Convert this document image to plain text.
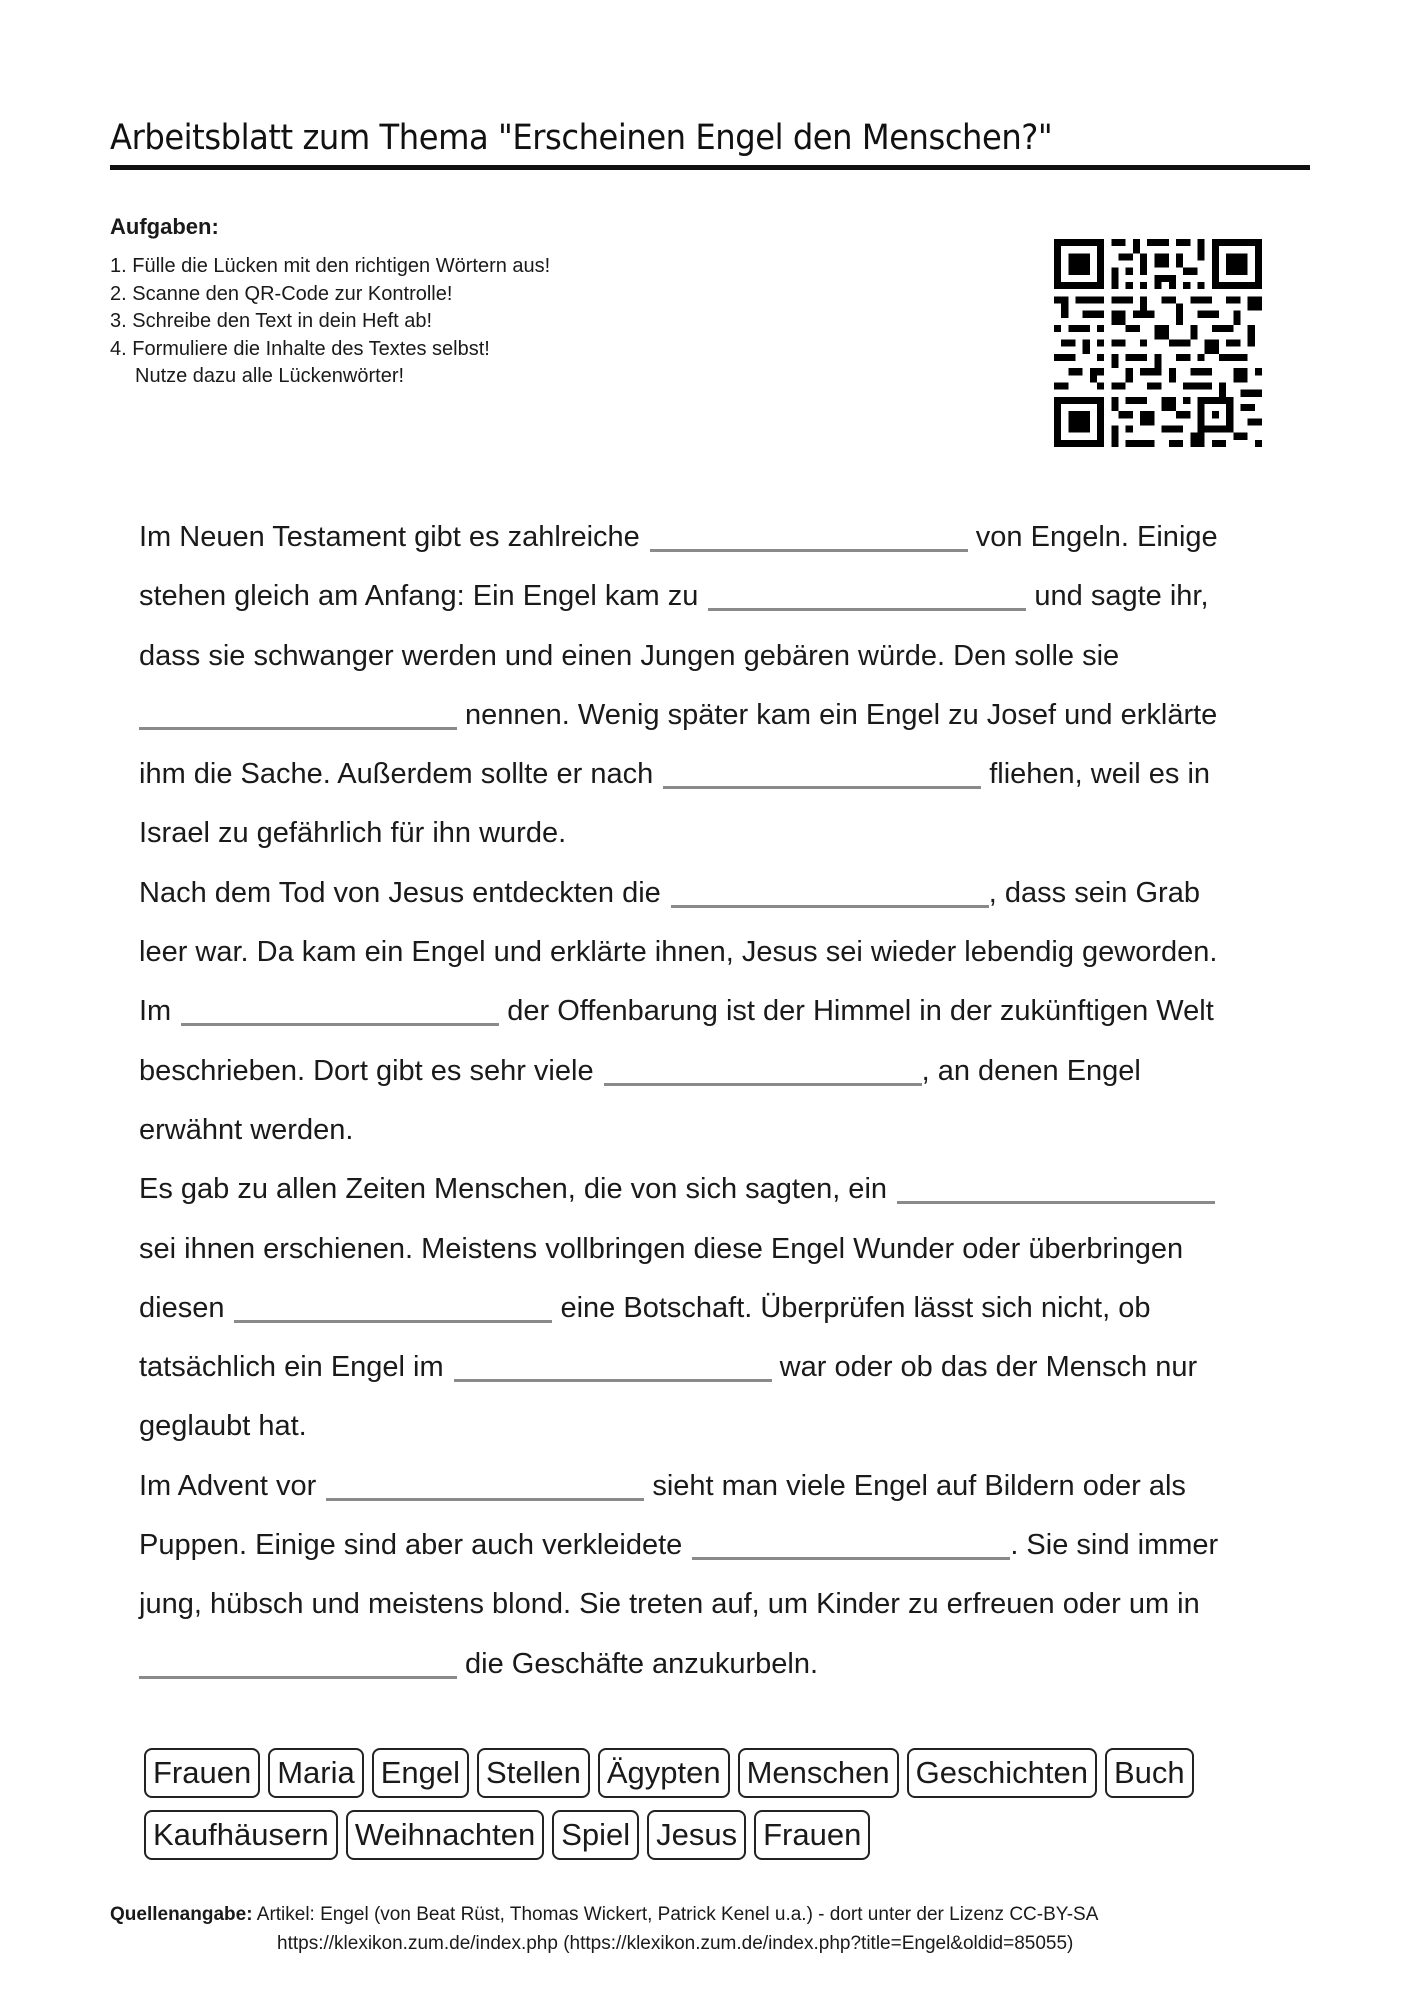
Arbeitsblatt zum Thema "Erscheinen Engel den Menschen?"
Aufgaben:
1. Fülle die Lücken mit den richtigen Wörtern aus!
2. Scanne den QR-Code zur Kontrolle!
3. Schreibe den Text in dein Heft ab!
4. Formuliere die Inhalte des Textes selbst!
Nutze dazu alle Lückenwörter!
Im Neuen Testament gibt es zahlreiche	von Engeln. Einige
stehen gleich am Anfang: Ein Engel kam zu	und sagte ihr,
dass sie schwanger werden und einen Jungen gebären würde. Den solle sie
nennen. Wenig später kam ein Engel zu Josef und erklärte
ihm die Sache. Außerdem sollte er nach	fliehen, weil es in
Israel zu gefährlich für ihn wurde.
Nach dem Tod von Jesus entdeckten die	, dass sein Grab
leer war. Da kam ein Engel und erklärte ihnen, Jesus sei wieder lebendig geworden.
Im	der Offenbarung ist der Himmel in der zukünftigen Welt
beschrieben. Dort gibt es sehr viele	, an denen Engel
erwähnt werden.
Es gab zu allen Zeiten Menschen, die von sich sagten, ein
sei ihnen erschienen. Meistens vollbringen diese Engel Wunder oder überbringen
diesen	eine Botschaft. Überprüfen lässt sich nicht, ob
tatsächlich ein Engel im	war oder ob das der Mensch nur
geglaubt hat.
Im Advent vor	sieht man viele Engel auf Bildern oder als
Puppen. Einige sind aber auch verkleidete	. Sie sind immer
jung, hübsch und meistens blond. Sie treten auf, um Kinder zu erfreuen oder um in
die Geschäfte anzukurbeln.
Frauen Maria Engel Stellen Ägypten Menschen Geschichten Buch
Kaufhäusern Weihnachten Spiel Jesus Frauen
Quellenangabe: Artikel: Engel (von Beat Rüst, Thomas Wickert, Patrick Kenel u.a.) - dort unter der Lizenz CC-BY-SA
https://klexikon.zum.de/index.php (https://klexikon.zum.de/index.php?title=Engel&oldid=85055)
